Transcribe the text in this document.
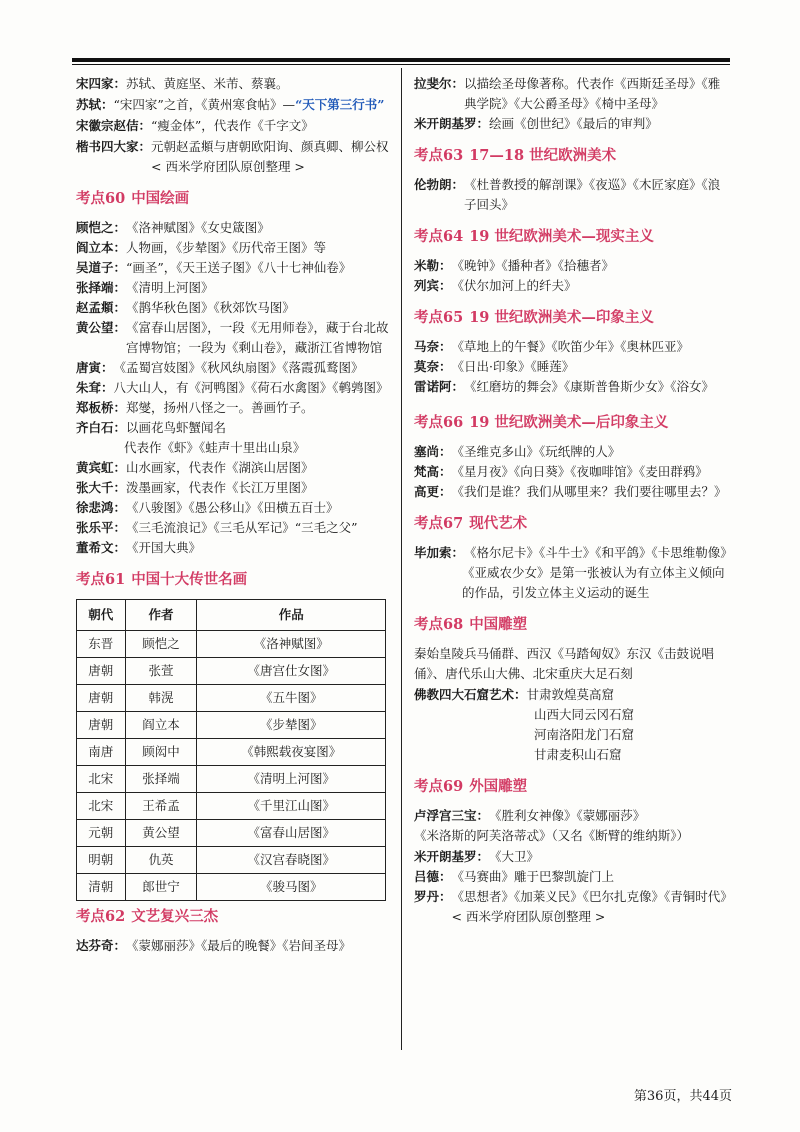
宋四家：苏轼、黄庭坚、米芾、蔡襄。
苏轼：“宋四家”之首，《黄州寒食帖》—“天下第三行书”
宋徽宗赵佶：“瘦金体”，代表作《千字文》
楷书四大家： 元朝赵孟頫与唐朝欧阳询、颜真卿、柳公权< 西米学府团队原创整理 >
考点60 中国绘画
顾恺之： 《洛神赋图》《女史箴图》
阎立本： 人物画，《步辇图》《历代帝王图》等
吴道子： “画圣”，《天王送子图》《八十七神仙卷》
张择端： 《清明上河图》
赵孟頫： 《鹊华秋色图》《秋郊饮马图》
黄公望： 《富春山居图》，一段《无用师卷》，藏于台北故宫博物馆；一段为《剩山卷》，藏浙江省博物馆
唐寅： 《孟蜀宫妓图》《秋风纨扇图》《落霞孤鹜图》
朱耷： 八大山人，有《河鸭图》《荷石水禽图》《鹌鹑图》
郑板桥： 郑燮，扬州八怪之一。善画竹子。
齐白石： 以画花鸟虾蟹闻名
代表作《虾》《蛙声十里出山泉》
黄宾虹： 山水画家，代表作《湖滨山居图》
张大千： 泼墨画家，代表作《长江万里图》
徐悲鸿： 《八骏图》《愚公移山》《田横五百士》
张乐平： 《三毛流浪记》《三毛从军记》“三毛之父”
董希文： 《开国大典》
考点61 中国十大传世名画
朝代	作者	作品
东晋	顾恺之	《洛神赋图》
唐朝	张萱	《唐宫仕女图》
唐朝	韩滉	《五牛图》
唐朝	阎立本	《步辇图》
南唐	顾闳中	《韩熙载夜宴图》
北宋	张择端	《清明上河图》
北宋	王希孟	《千里江山图》
元朝	黄公望	《富春山居图》
明朝	仇英	《汉宫春晓图》
清朝	郎世宁	《骏马图》
考点62 文艺复兴三杰
达芬奇： 《蒙娜丽莎》《最后的晚餐》《岩间圣母》
拉斐尔： 以描绘圣母像著称。代表作《西斯廷圣母》《雅典学院》《大公爵圣母》《椅中圣母》
米开朗基罗： 绘画《创世纪》《最后的审判》
考点63 17—18 世纪欧洲美术
伦勃朗： 《杜普教授的解剖课》《夜巡》《木匠家庭》《浪子回头》
考点64 19 世纪欧洲美术—现实主义
米勒： 《晚钟》《播种者》《拾穗者》
列宾： 《伏尔加河上的纤夫》
考点65 19 世纪欧洲美术—印象主义
马奈： 《草地上的午餐》《吹笛少年》《奥林匹亚》
莫奈： 《日出·印象》《睡莲》
雷诺阿： 《红磨坊的舞会》《康斯普鲁斯少女》《浴女》
考点66 19 世纪欧洲美术—后印象主义
塞尚： 《圣维克多山》《玩纸牌的人》
梵高： 《星月夜》《向日葵》《夜咖啡馆》《麦田群鸦》
高更： 《我们是谁？我们从哪里来？我们要往哪里去？》
考点67 现代艺术
毕加索： 《格尔尼卡》《斗牛士》《和平鸽》《卡思维勒像》
《亚威农少女》是第一张被认为有立体主义倾向的作品，引发立体主义运动的诞生
考点68 中国雕塑
秦始皇陵兵马俑群、西汉《马踏匈奴》东汉《击鼓说唱俑》、唐代乐山大佛、北宋重庆大足石刻
佛教四大石窟艺术： 甘肃敦煌莫高窟
山西大同云冈石窟
河南洛阳龙门石窟
甘肃麦积山石窟
考点69 外国雕塑
卢浮宫三宝： 《胜利女神像》《蒙娜丽莎》
《米洛斯的阿芙洛蒂忒》（又名《断臂的维纳斯》）
米开朗基罗： 《大卫》
吕德： 《马赛曲》雕于巴黎凯旋门上
罗丹： 《思想者》《加莱义民》《巴尔扎克像》《青铜时代》< 西米学府团队原创整理 >
第36页，共44页
